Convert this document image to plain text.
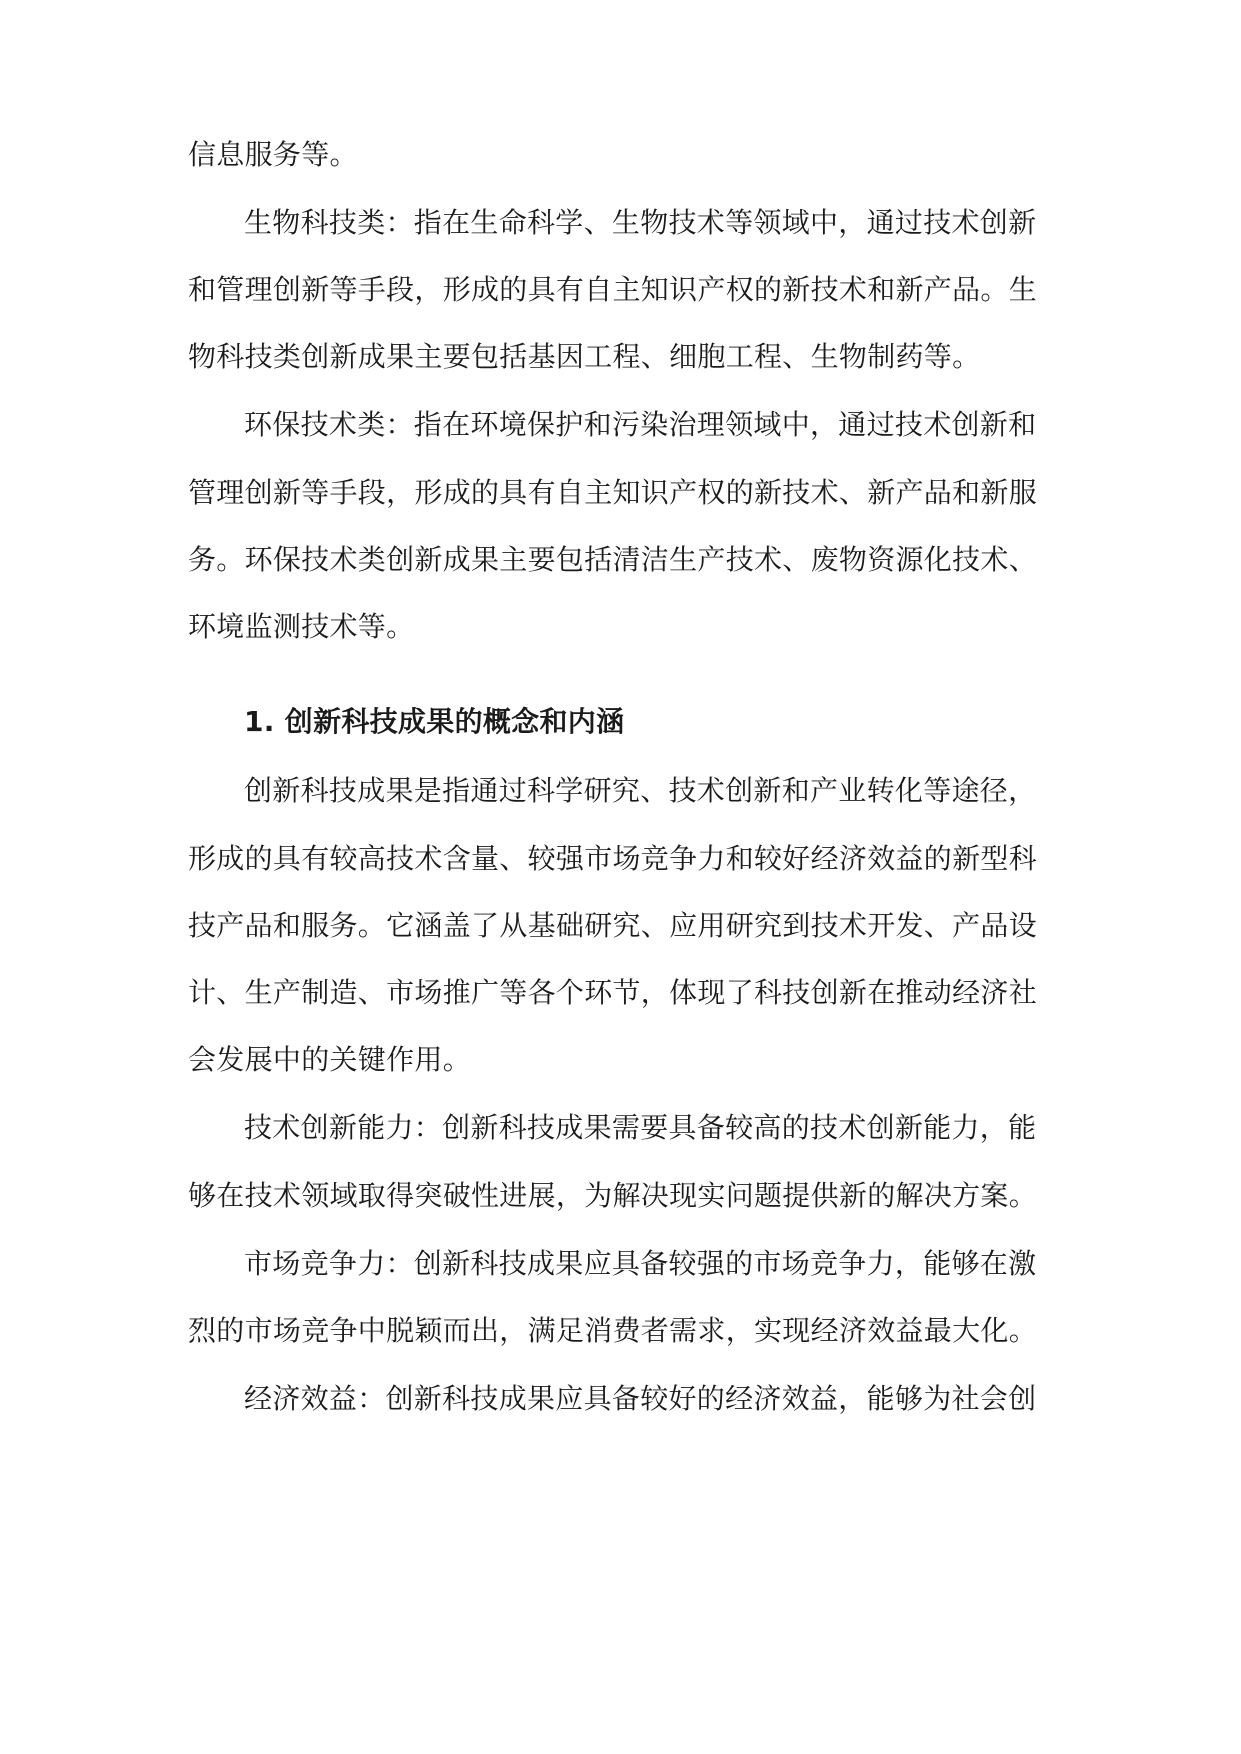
信息服务等。
生物科技类：指在生命科学、生物技术等领域中，通过技术创新
和管理创新等手段，形成的具有自主知识产权的新技术和新产品。生
物科技类创新成果主要包括基因工程、细胞工程、生物制药等。
环保技术类：指在环境保护和污染治理领域中，通过技术创新和
管理创新等手段，形成的具有自主知识产权的新技术、新产品和新服
务。环保技术类创新成果主要包括清洁生产技术、废物资源化技术、
环境监测技术等。
1. 创新科技成果的概念和内涵
创新科技成果是指通过科学研究、技术创新和产业转化等途径，
形成的具有较高技术含量、较强市场竞争力和较好经济效益的新型科
技产品和服务。它涵盖了从基础研究、应用研究到技术开发、产品设
计、生产制造、市场推广等各个环节，体现了科技创新在推动经济社
会发展中的关键作用。
技术创新能力：创新科技成果需要具备较高的技术创新能力，能
够在技术领域取得突破性进展，为解决现实问题提供新的解决方案。
市场竞争力：创新科技成果应具备较强的市场竞争力，能够在激
烈的市场竞争中脱颖而出，满足消费者需求，实现经济效益最大化。
经济效益：创新科技成果应具备较好的经济效益，能够为社会创
